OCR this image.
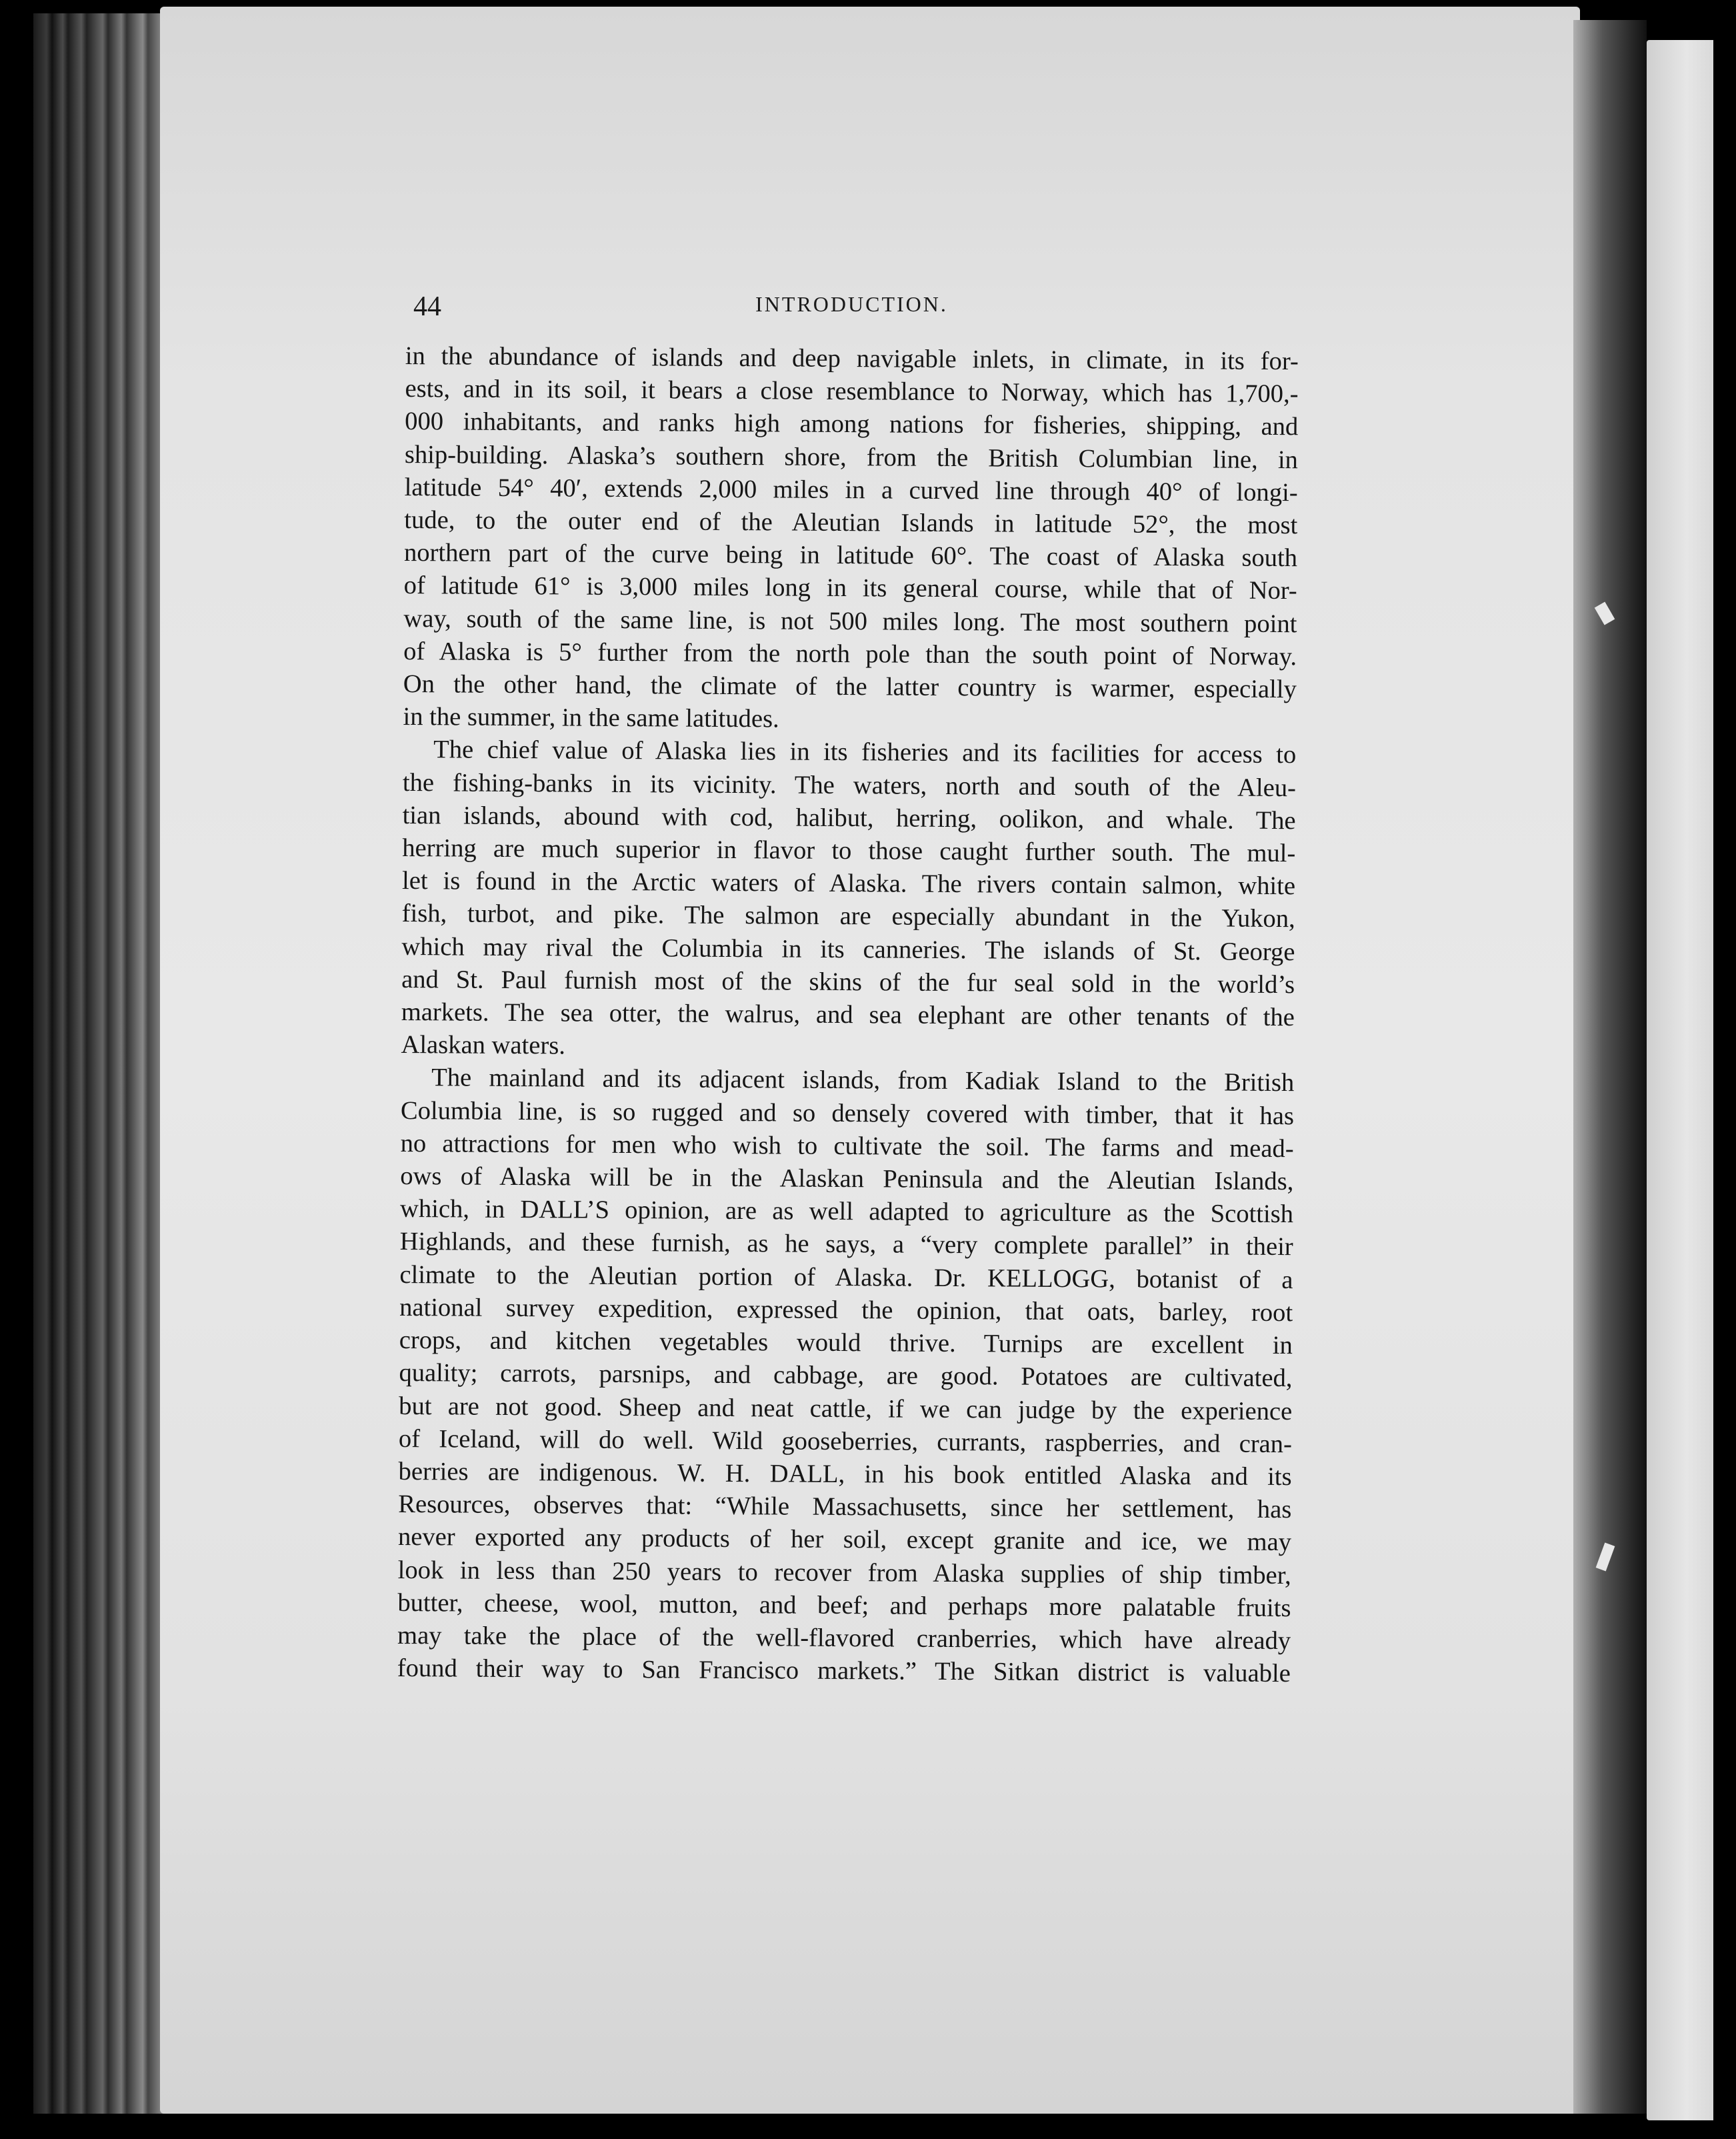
44	INTRODUCTION.
in the abundance of islands and deep navigable inlets, in climate, in its for-
ests, and in its soil, it bears a close resemblance to Norway, which has 1,700,-
000 inhabitants, and ranks high among nations for fisheries, shipping, and
ship-building. Alaska’s southern shore, from the British Columbian line, in
latitude 54° 40′, extends 2,000 miles in a curved line through 40° of longi-
tude, to the outer end of the Aleutian Islands in latitude 52°, the most
northern part of the curve being in latitude 60°. The coast of Alaska south
of latitude 61° is 3,000 miles long in its general course, while that of Nor-
way, south of the same line, is not 500 miles long. The most southern point
of Alaska is 5° further from the north pole than the south point of Norway.
On the other hand, the climate of the latter country is warmer, especially
in the summer, in the same latitudes.
The chief value of Alaska lies in its fisheries and its facilities for access to
the fishing-banks in its vicinity. The waters, north and south of the Aleu-
tian islands, abound with cod, halibut, herring, oolikon, and whale. The
herring are much superior in flavor to those caught further south. The mul-
let is found in the Arctic waters of Alaska. The rivers contain salmon, white
fish, turbot, and pike. The salmon are especially abundant in the Yukon,
which may rival the Columbia in its canneries. The islands of St. George
and St. Paul furnish most of the skins of the fur seal sold in the world’s
markets. The sea otter, the walrus, and sea elephant are other tenants of the
Alaskan waters.
The mainland and its adjacent islands, from Kadiak Island to the British
Columbia line, is so rugged and so densely covered with timber, that it has
no attractions for men who wish to cultivate the soil. The farms and mead-
ows of Alaska will be in the Alaskan Peninsula and the Aleutian Islands,
which, in DALL’S opinion, are as well adapted to agriculture as the Scottish
Highlands, and these furnish, as he says, a “very complete parallel” in their
climate to the Aleutian portion of Alaska. Dr. KELLOGG, botanist of a
national survey expedition, expressed the opinion, that oats, barley, root
crops, and kitchen vegetables would thrive. Turnips are excellent in
quality; carrots, parsnips, and cabbage, are good. Potatoes are cultivated,
but are not good. Sheep and neat cattle, if we can judge by the experience
of Iceland, will do well. Wild gooseberries, currants, raspberries, and cran-
berries are indigenous. W. H. DALL, in his book entitled Alaska and its
Resources, observes that: “While Massachusetts, since her settlement, has
never exported any products of her soil, except granite and ice, we may
look in less than 250 years to recover from Alaska supplies of ship timber,
butter, cheese, wool, mutton, and beef; and perhaps more palatable fruits
may take the place of the well-flavored cranberries, which have already
found their way to San Francisco markets.” The Sitkan district is valuable
